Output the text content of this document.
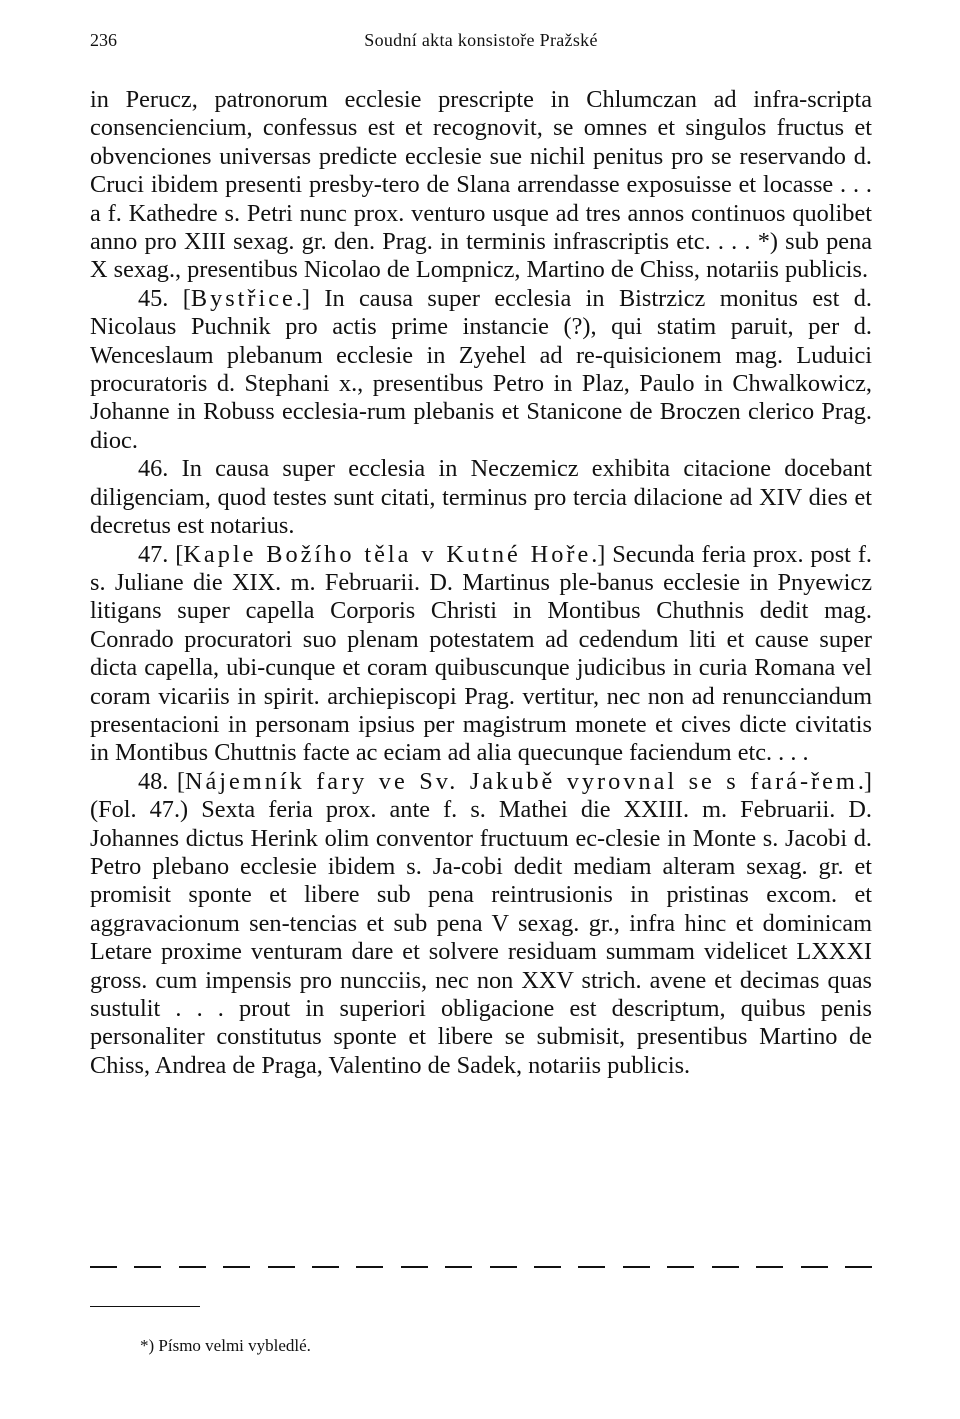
236	Soudní akta konsistoře Pražské

in Perucz, patronorum ecclesie prescripte in Chlumczan ad infra-scripta consenciencium, confessus est et recognovit, se omnes et singulos fructus et obvenciones universas predicte ecclesie sue nichil penitus pro se reservando d. Cruci ibidem presenti presby-tero de Slana arrendasse exposuisse et locasse . . . a f. Kathedre s. Petri nunc prox. venturo usque ad tres annos continuos quolibet anno pro XIII sexag. gr. den. Prag. in terminis infrascriptis etc. . . . *) sub pena X sexag., presentibus Nicolao de Lompnicz, Martino de Chiss, notariis publicis.

45. [Bystřice.] In causa super ecclesia in Bistrzicz monitus est d. Nicolaus Puchnik pro actis prime instancie (?), qui statim paruit, per d. Wenceslaum plebanum ecclesie in Zyehel ad re-quisicionem mag. Luduici procuratoris d. Stephani x., presentibus Petro in Plaz, Paulo in Chwalkowicz, Johanne in Robuss ecclesia-rum plebanis et Stanicone de Broczen clerico Prag. dioc.

46. In causa super ecclesia in Neczemicz exhibita citacione docebant diligenciam, quod testes sunt citati, terminus pro tercia dilacione ad XIV dies et decretus est notarius.

47. [Kaple Božího těla v Kutné Hoře.] Secunda feria prox. post f. s. Juliane die XIX. m. Februarii. D. Martinus ple-banus ecclesie in Pnyewicz litigans super capella Corporis Christi in Montibus Chuthnis dedit mag. Conrado procuratori suo plenam potestatem ad cedendum liti et cause super dicta capella, ubi-cunque et coram quibuscunque judicibus in curia Romana vel coram vicariis in spirit. archiepiscopi Prag. vertitur, nec non ad renuncciandum presentacioni in personam ipsius per magistrum monete et cives dicte civitatis in Montibus Chuttnis facte ac eciam ad alia quecunque faciendum etc. . . .

48. [Nájemník fary ve Sv. Jakubě vyrovnal se s fará-řem.] (Fol. 47.) Sexta feria prox. ante f. s. Mathei die XXIII. m. Februarii. D. Johannes dictus Herink olim conventor fructuum ec-clesie in Monte s. Jacobi d. Petro plebano ecclesie ibidem s. Ja-cobi dedit mediam alteram sexag. gr. et promisit sponte et libere sub pena reintrusionis in pristinas excom. et aggravacionum sen-tencias et sub pena V sexag. gr., infra hinc et dominicam Letare proxime venturam dare et solvere residuam summam videlicet LXXXI gross. cum impensis pro nuncciis, nec non XXV strich. avene et decimas quas sustulit . . . prout in superiori obligacione est descriptum, quibus penis personaliter constitutus sponte et libere se submisit, presentibus Martino de Chiss, Andrea de Praga, Valentino de Sadek, notariis publicis.

*) Písmo velmi vybledlé.
